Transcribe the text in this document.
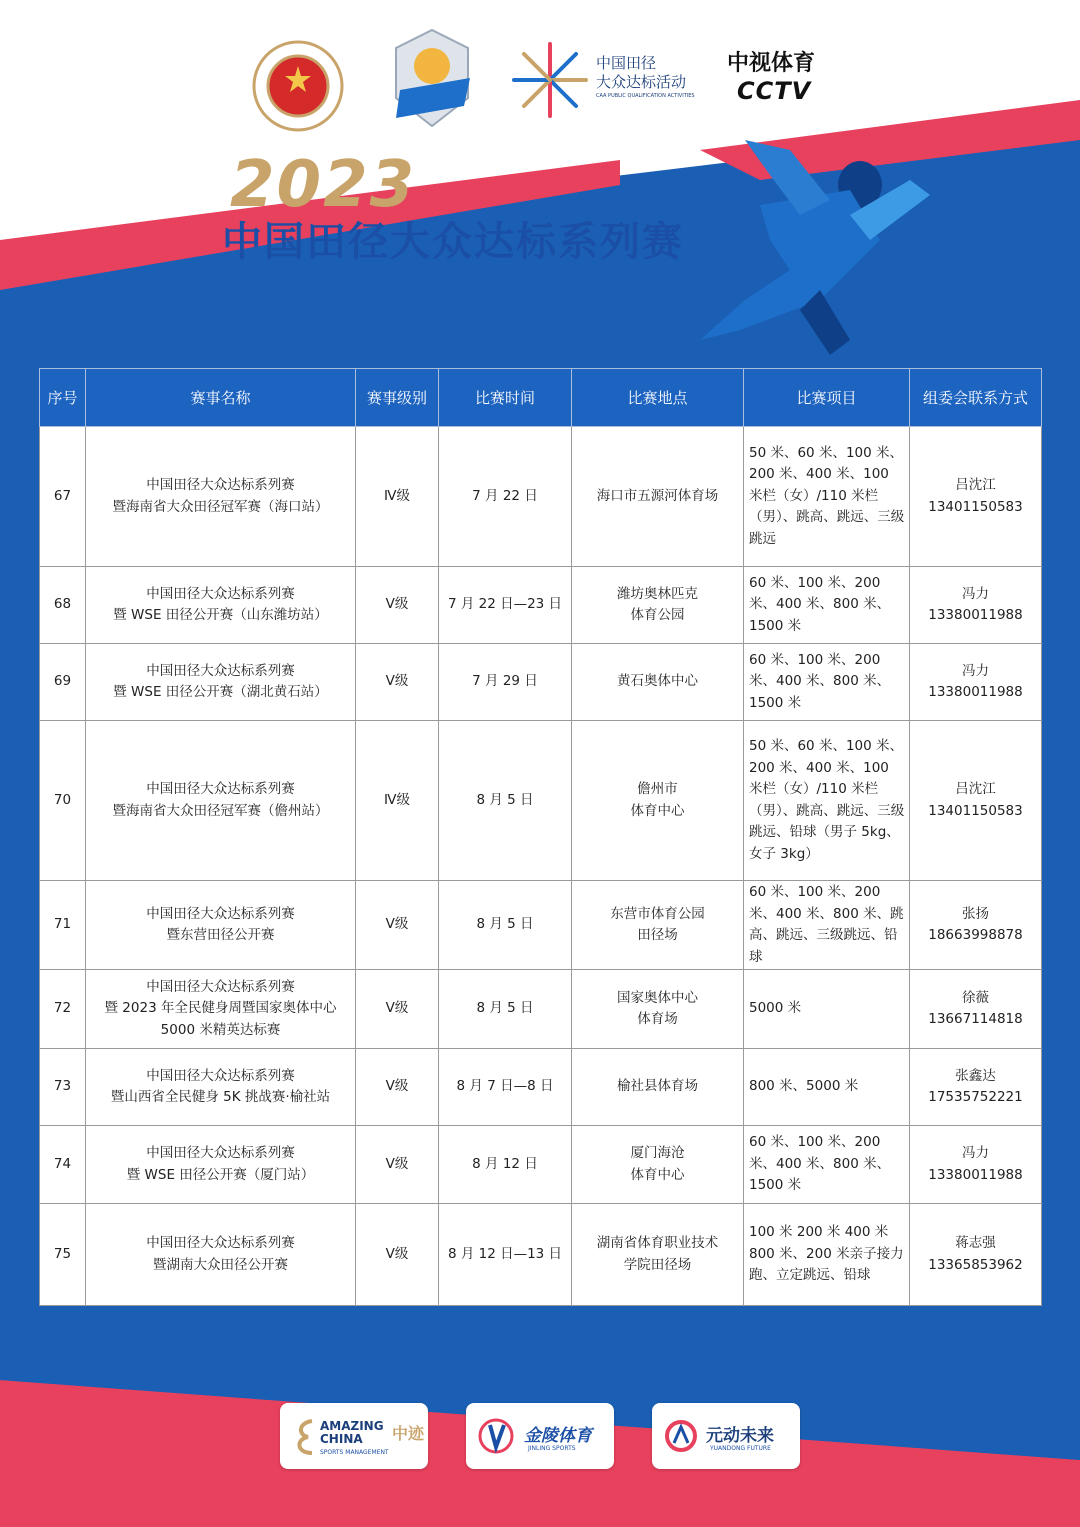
中国田径
大众达标活动
CAA PUBLIC QUALIFICATION ACTIVITIES
中视体育
CCTV
2023
中国田径大众达标系列赛
序号	赛事名称	赛事级别	比赛时间	比赛地点	比赛项目	组委会联系方式
67	中国田径大众达标系列赛
暨海南省大众田径冠军赛（海口站）	Ⅳ级	7 月 22 日	海口市五源河体育场	50 米、60 米、100 米、200 米、400 米、100 米栏（女）/110 米栏（男）、跳高、跳远、三级跳远	吕沈江
13401150583
68	中国田径大众达标系列赛
暨 WSE 田径公开赛（山东潍坊站）	Ⅴ级	7 月 22 日—23 日	潍坊奥林匹克
体育公园	60 米、100 米、200 米、400 米、800 米、1500 米	冯力
13380011988
69	中国田径大众达标系列赛
暨 WSE 田径公开赛（湖北黄石站）	Ⅴ级	7 月 29 日	黄石奥体中心	60 米、100 米、200 米、400 米、800 米、1500 米	冯力
13380011988
70	中国田径大众达标系列赛
暨海南省大众田径冠军赛（儋州站）	Ⅳ级	8 月 5 日	儋州市
体育中心	50 米、60 米、100 米、200 米、400 米、100 米栏（女）/110 米栏（男）、跳高、跳远、三级跳远、铅球（男子 5kg、女子 3kg）	吕沈江
13401150583
71	中国田径大众达标系列赛
暨东营田径公开赛	Ⅴ级	8 月 5 日	东营市体育公园
田径场	60 米、100 米、200 米、400 米、800 米、跳高、跳远、三级跳远、铅球	张扬
18663998878
72	中国田径大众达标系列赛
暨 2023 年全民健身周暨国家奥体中心
5000 米精英达标赛	Ⅴ级	8 月 5 日	国家奥体中心
体育场	5000 米	徐薇
13667114818
73	中国田径大众达标系列赛
暨山西省全民健身 5K 挑战赛·榆社站	Ⅴ级	8 月 7 日—8 日	榆社县体育场	800 米、5000 米	张鑫达
17535752221
74	中国田径大众达标系列赛
暨 WSE 田径公开赛（厦门站）	Ⅴ级	8 月 12 日	厦门海沧
体育中心	60 米、100 米、200 米、400 米、800 米、1500 米	冯力
13380011988
75	中国田径大众达标系列赛
暨湖南大众田径公开赛	Ⅴ级	8 月 12 日—13 日	湖南省体育职业技术
学院田径场	100 米 200 米 400 米 800 米、200 米亲子接力跑、立定跳远、铅球	蒋志强
13365853962
AMAZING CHINA	中迹
SPORTS MANAGEMENT
金陵体育
JINLING SPORTS
元动未来
YUANDONG FUTURE
